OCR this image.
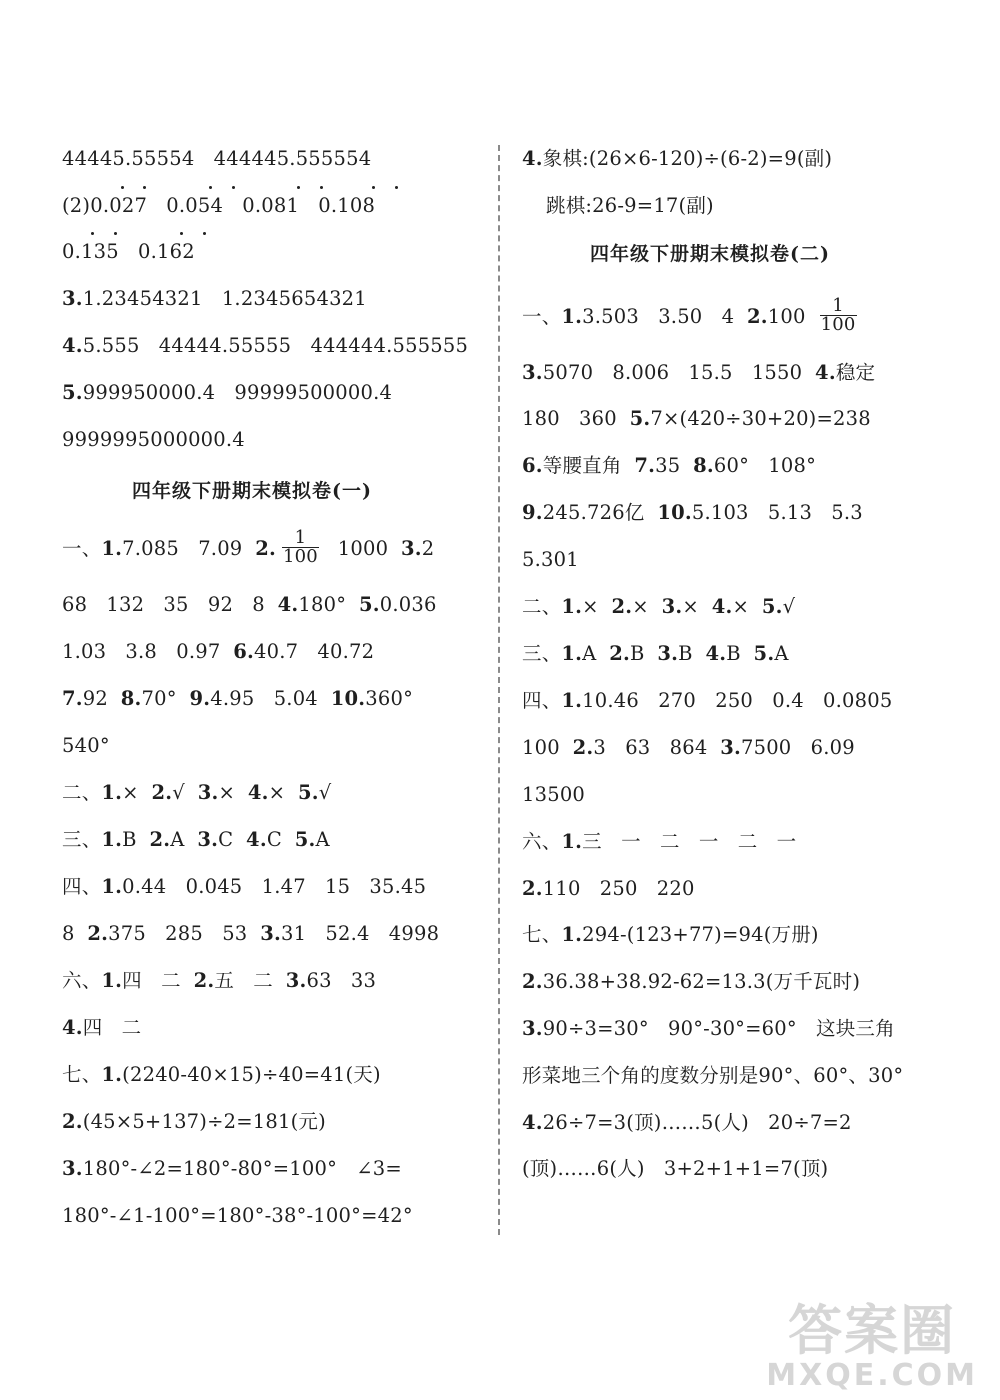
44445.55554   444445.555554
(2)0.027   0.054   0.081   0.108
0.135   0.162
3.1.23454321   1.2345654321
4.5.555   44444.55555   444444.555555
5.999950000.4   99999500000.4
9999995000000.4
四年级下册期末模拟卷(一)
一、1.7.085   7.09  2. $\frac{1}{100} 1000$  3.2
68   132   35   92   8  4.180°  5.0.036
1.03   3.8   0.97  6.40.7   40.72
7.92  8.70°  9.4.95   5.04  10.360°
540°
二、1.×  2.√  3.×  4.×  5.√
三、1.B  2.A  3.C  4.C  5.A
四、1.0.44   0.045   1.47   15   35.45
8  2.375   285   53  3.31   52.4   4998
六、1.四   二  2.五   二  3.63   33
4.四   二
七、1.(2240-40×15)÷40=41(天)
2.(45×5+137)÷2=181(元)
3.180°-∠2=180°-80°=100°   ∠3=
180°-∠1-100°=180°-38°-100°=42°
4.象棋:(26×6-120)÷(6-2)=9(副)
跳棋:26-9=17(副)
四年级下册期末模拟卷(二)
一、1.3.503   3.50   4  $2.100 \frac{1}{100}$
3.5070   8.006   15.5   1550  4.稳定
180   360  5.7×(420÷30+20)=238
6.等腰直角  7.35  8.60°   108°
9.245.726亿  10.5.103   5.13   5.3
5.301
二、1.×  2.×  3.×  4.×  5.√
三、1.A  2.B  3.B  4.B  5.A
四、1.10.46   270   250   0.4   0.0805
100  2.3   63   864  3.7500   6.09
13500
六、1.三   一   二   一   二   一
2.110   250   220
七、1.294-(123+77)=94(万册)
2.36.38+38.92-62=13.3(万千瓦时)
3.90÷3=30°   90°-30°=60°   这块三角
形菜地三个角的度数分别是90°、60°、30°
4.26÷7=3(顶)……5(人)   20÷7=2
(顶)……6(人)   3+2+1+1=7(顶)
答案圈
MXQE.COM
